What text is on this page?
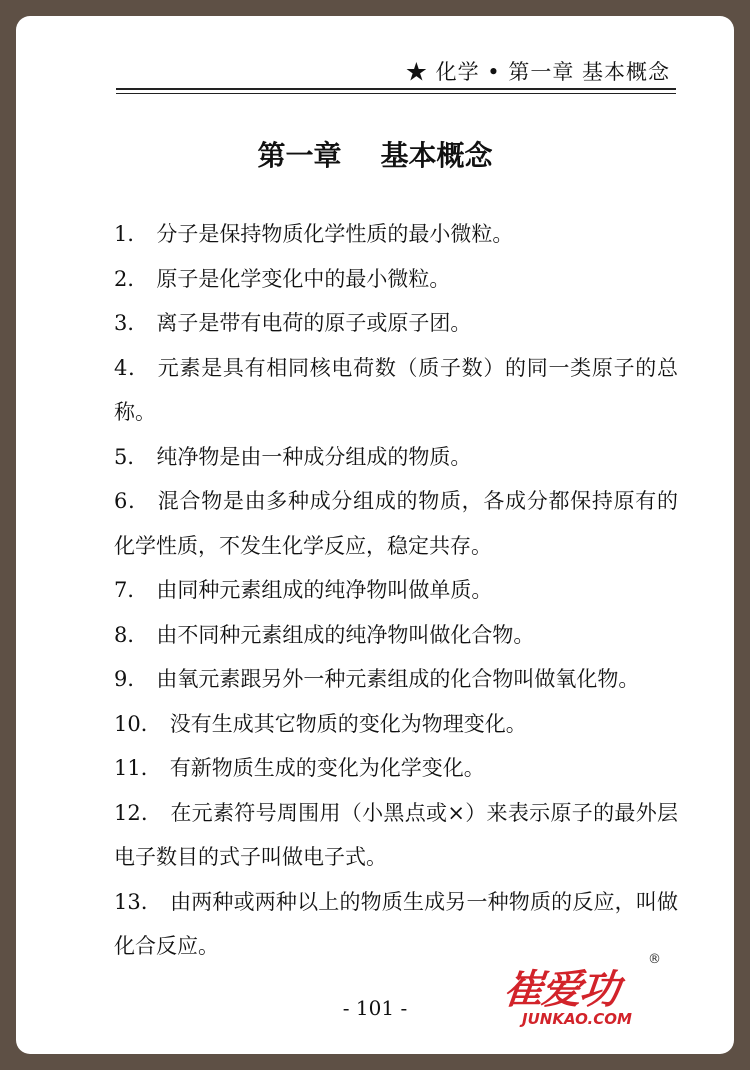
★ 化学 • 第一章 基本概念
第一章    基本概念

1． 分子是保持物质化学性质的最小微粒。

2． 原子是化学变化中的最小微粒。

3． 离子是带有电荷的原子或原子团。

4． 元素是具有相同核电荷数（质子数）的同一类原子的总称。

5． 纯净物是由一种成分组成的物质。

6． 混合物是由多种成分组成的物质，各成分都保持原有的化学性质，不发生化学反应，稳定共存。

7． 由同种元素组成的纯净物叫做单质。

8． 由不同种元素组成的纯净物叫做化合物。

9． 由氧元素跟另外一种元素组成的化合物叫做氧化物。

10． 没有生成其它物质的变化为物理变化。

11． 有新物质生成的变化为化学变化。

12． 在元素符号周围用（小黑点或×）来表示原子的最外层电子数目的式子叫做电子式。

13． 由两种或两种以上的物质生成另一种物质的反应，叫做化合反应。

- 101 -	崔爱功
JUNKAO.COM
®
